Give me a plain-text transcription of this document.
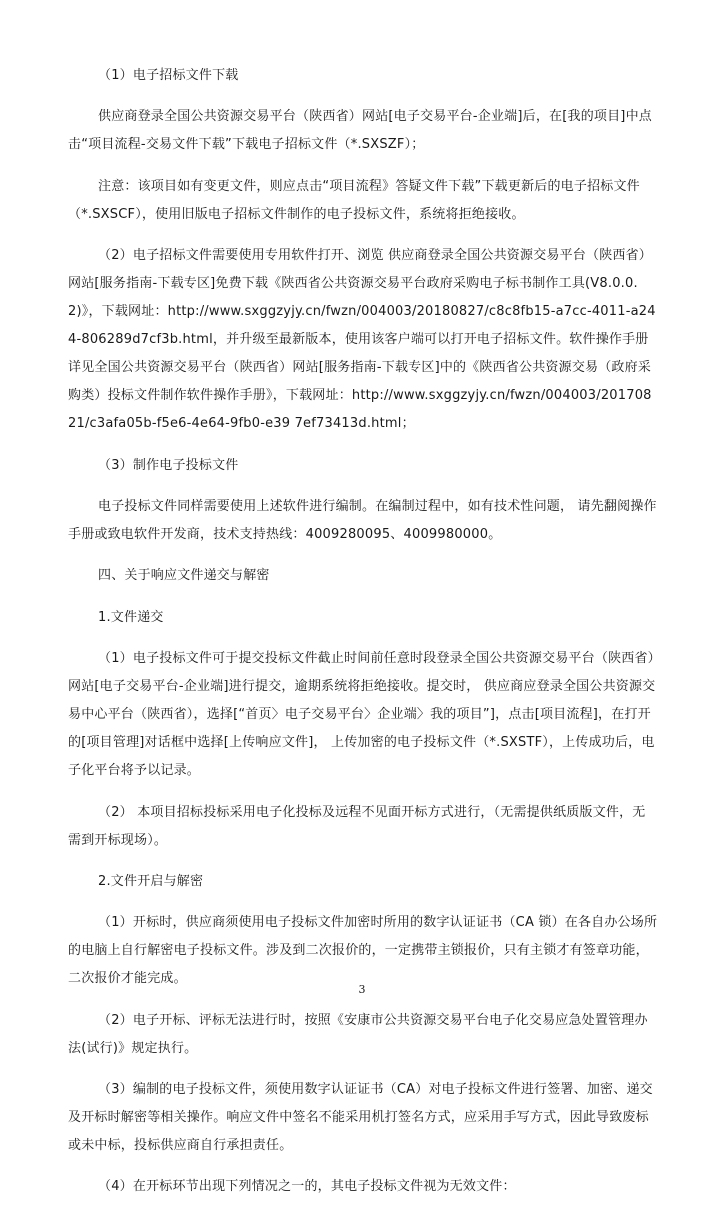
（1）电子招标文件下载

供应商登录全国公共资源交易平台（陕西省）网站[电子交易平台-企业端]后，在[我的项目]中点击“项目流程-交易文件下载”下载电子招标文件（*.SXSZF）；

注意：该项目如有变更文件，则应点击“项目流程》答疑文件下载”下载更新后的电子招标文件（*.SXSCF），使用旧版电子招标文件制作的电子投标文件，系统将拒绝接收。

（2）电子招标文件需要使用专用软件打开、浏览 供应商登录全国公共资源交易平台（陕西省）网站[服务指南-下载专区]免费下载《陕西省公共资源交易平台政府采购电子标书制作工具(V8.0.0.2)》，下载网址：http://www.sxggzyjy.cn/fwzn/004003/20180827/c8c8fb15-a7cc-4011-a244-806289d7cf3b.html，并升级至最新版本，使用该客户端可以打开电子招标文件。软件操作手册详见全国公共资源交易平台（陕西省）网站[服务指南-下载专区]中的《陕西省公共资源交易（政府采购类）投标文件制作软件操作手册》，下载网址：http://www.sxggzyjy.cn/fwzn/004003/20170821/c3afa05b-f5e6-4e64-9fb0-e39 7ef73413d.html；

（3）制作电子投标文件

电子投标文件同样需要使用上述软件进行编制。在编制过程中，如有技术性问题， 请先翻阅操作手册或致电软件开发商，技术支持热线：4009280095、4009980000。

四、关于响应文件递交与解密

1.文件递交

（1）电子投标文件可于提交投标文件截止时间前任意时段登录全国公共资源交易平台（陕西省）网站[电子交易平台-企业端]进行提交，逾期系统将拒绝接收。提交时， 供应商应登录全国公共资源交易中心平台（陕西省），选择[“首页〉电子交易平台〉企业端〉我的项目”]，点击[项目流程]，在打开的[项目管理]对话框中选择[上传响应文件]， 上传加密的电子投标文件（*.SXSTF），上传成功后，电子化平台将予以记录。

（2） 本项目招标投标采用电子化投标及远程不见面开标方式进行，（无需提供纸质版文件，无需到开标现场）。

2.文件开启与解密

（1）开标时，供应商须使用电子投标文件加密时所用的数字认证证书（CA 锁）在各自办公场所的电脑上自行解密电子投标文件。涉及到二次报价的，一定携带主锁报价，只有主锁才有签章功能，二次报价才能完成。

（2）电子开标、评标无法进行时，按照《安康市公共资源交易平台电子化交易应急处置管理办法(试行)》规定执行。

（3）编制的电子投标文件，须使用数字认证证书（CA）对电子投标文件进行签署、加密、递交及开标时解密等相关操作。响应文件中签名不能采用机打签名方式，应采用手写方式，因此导致废标或未中标，投标供应商自行承担责任。

（4）在开标环节出现下列情况之一的，其电子投标文件视为无效文件：

3
